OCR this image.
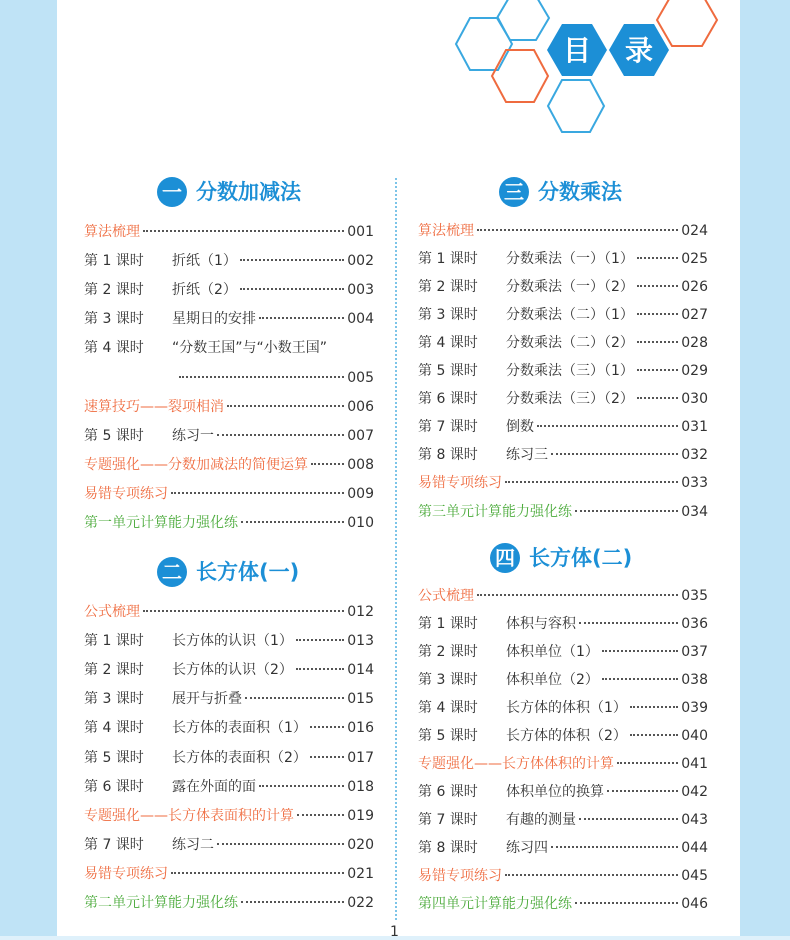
目 录
一 分数加减法
算法梳理	001
第 1 课时	折纸（1）	002
第 2 课时	折纸（2）	003
第 3 课时	星期日的安排	004
第 4 课时	“分数王国”与“小数王国”
005
速算技巧——裂项相消	006
第 5 课时	练习一	007
专题强化——分数加减法的简便运算	008
易错专项练习	009
第一单元计算能力强化练	010
二 长方体(一)
公式梳理	012
第 1 课时	长方体的认识（1）	013
第 2 课时	长方体的认识（2）	014
第 3 课时	展开与折叠	015
第 4 课时	长方体的表面积（1）	016
第 5 课时	长方体的表面积（2）	017
第 6 课时	露在外面的面	018
专题强化——长方体表面积的计算	019
第 7 课时	练习二	020
易错专项练习	021
第二单元计算能力强化练	022
三 分数乘法
算法梳理	024
第 1 课时	分数乘法（一）（1）	025
第 2 课时	分数乘法（一）（2）	026
第 3 课时	分数乘法（二）（1）	027
第 4 课时	分数乘法（二）（2）	028
第 5 课时	分数乘法（三）（1）	029
第 6 课时	分数乘法（三）（2）	030
第 7 课时	倒数	031
第 8 课时	练习三	032
易错专项练习	033
第三单元计算能力强化练	034
四 长方体(二)
公式梳理	035
第 1 课时	体积与容积	036
第 2 课时	体积单位（1）	037
第 3 课时	体积单位（2）	038
第 4 课时	长方体的体积（1）	039
第 5 课时	长方体的体积（2）	040
专题强化——长方体体积的计算	041
第 6 课时	体积单位的换算	042
第 7 课时	有趣的测量	043
第 8 课时	练习四	044
易错专项练习	045
第四单元计算能力强化练	046
1
